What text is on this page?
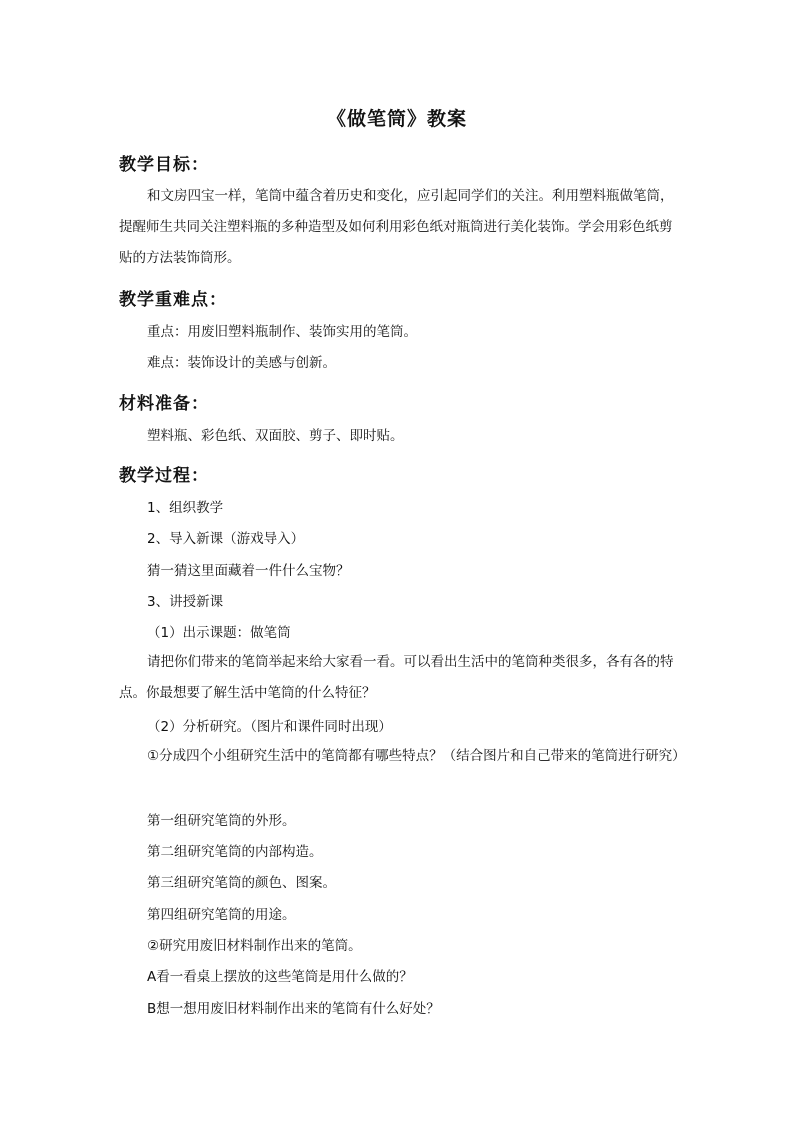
《做笔筒》教案
教学目标：
和文房四宝一样，笔筒中蕴含着历史和变化，应引起同学们的关注。利用塑料瓶做笔筒，提醒师生共同关注塑料瓶的多种造型及如何利用彩色纸对瓶筒进行美化装饰。学会用彩色纸剪贴的方法装饰筒形。
教学重难点：
重点：用废旧塑料瓶制作、装饰实用的笔筒。
难点：装饰设计的美感与创新。
材料准备：
塑料瓶、彩色纸、双面胶、剪子、即时贴。
教学过程：
1、组织教学
2、导入新课（游戏导入）
猜一猜这里面藏着一件什么宝物？
3、讲授新课
（1）出示课题：做笔筒
请把你们带来的笔筒举起来给大家看一看。可以看出生活中的笔筒种类很多，各有各的特点。你最想要了解生活中笔筒的什么特征？
（2）分析研究。（图片和课件同时出现）
①分成四个小组研究生活中的笔筒都有哪些特点？（结合图片和自己带来的笔筒进行研究）
第一组研究笔筒的外形。
第二组研究笔筒的内部构造。
第三组研究笔筒的颜色、图案。
第四组研究笔筒的用途。
②研究用废旧材料制作出来的笔筒。
A看一看桌上摆放的这些笔筒是用什么做的？
B想一想用废旧材料制作出来的笔筒有什么好处？
